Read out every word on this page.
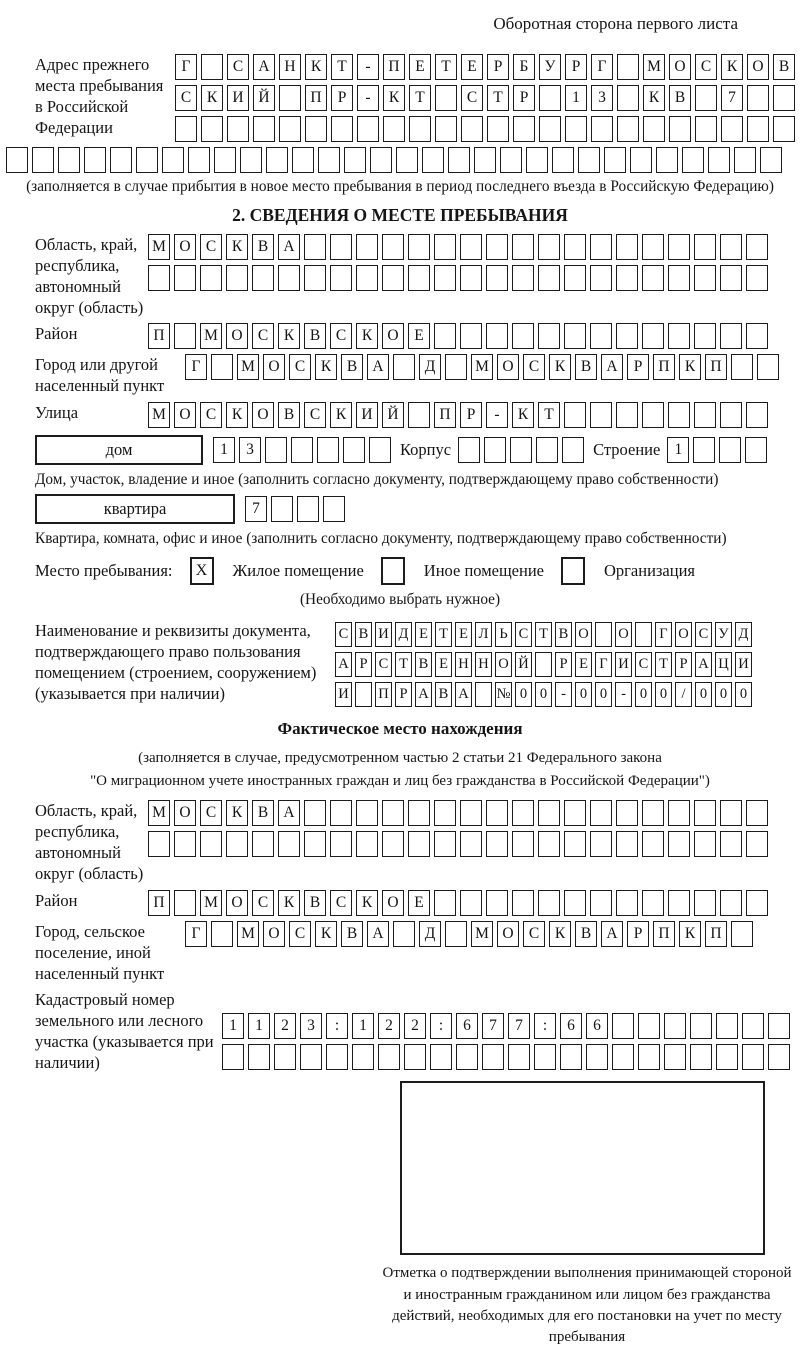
Оборотная сторона первого листа
Адрес прежнего места пребывания в Российской Федерации
Г	С А Н К	Т	-	П	Е	Т	Е	Р	Б	У	Р	Г	М О С	К О В
С	К И Й	П	Р	-	К	Т	С	Т	Р	1	3	К	В	7
(заполняется в случае прибытия в новое место пребывания в период последнего въезда в Российскую Федерацию)
2. СВЕДЕНИЯ О МЕСТЕ ПРЕБЫВАНИЯ
Область, край, республика, автономный округ (область)
М О С	К	В А
Район	П	М О С	К	В	С	К О	Е
Город или другой населенный пункт
Г	М О С	К	В А	Д	М О С	К	В А	Р	П К П
Улица	М О С	К О В	С	К И Й	П	Р	-	К	Т
дом	1	3	Корпус	Строение 1
Дом, участок, владение и иное (заполнить согласно документу, подтверждающему право собственности)
квартира	7
Квартира, комната, офис и иное (заполнить согласно документу, подтверждающему право собственности)
Место пребывания:	X	Жилое помещение	Иное помещение	Организация
(Необходимо выбрать нужное)
Наименование и реквизиты документа, подтверждающего право пользования помещением (строением, сооружением) (указывается при наличии)
С В И Д Е Т Е Л Ь С Т В О О Г О С У Д
А Р С Т В Е Н Н О Й	Р Е Г И С Т Р А Ц И
И П Р А В А № 0 0 - 0 0 - 0 0 / 0 0 0
Фактическое место нахождения
(заполняется в случае, предусмотренном частью 2 статьи 21 Федерального закона
"О миграционном учете иностранных граждан и лиц без гражданства в Российской Федерации")
Область, край, республика, автономный округ (область)
М О С	К	В А
Район	П	М О С	К	В	С	К О	Е
Город, сельское поселение, иной населенный пункт
Г	М О С	К	В А	Д	М О С	К	В А	Р	П К П
Кадастровый номер земельного или лесного участка (указывается при наличии)
1	1	2	3	:	1	2	2	:	6	7	7	:	6	6
Отметка о подтверждении выполнения принимающей стороной и иностранным гражданином или лицом без гражданства действий, необходимых для его постановки на учет по месту пребывания
